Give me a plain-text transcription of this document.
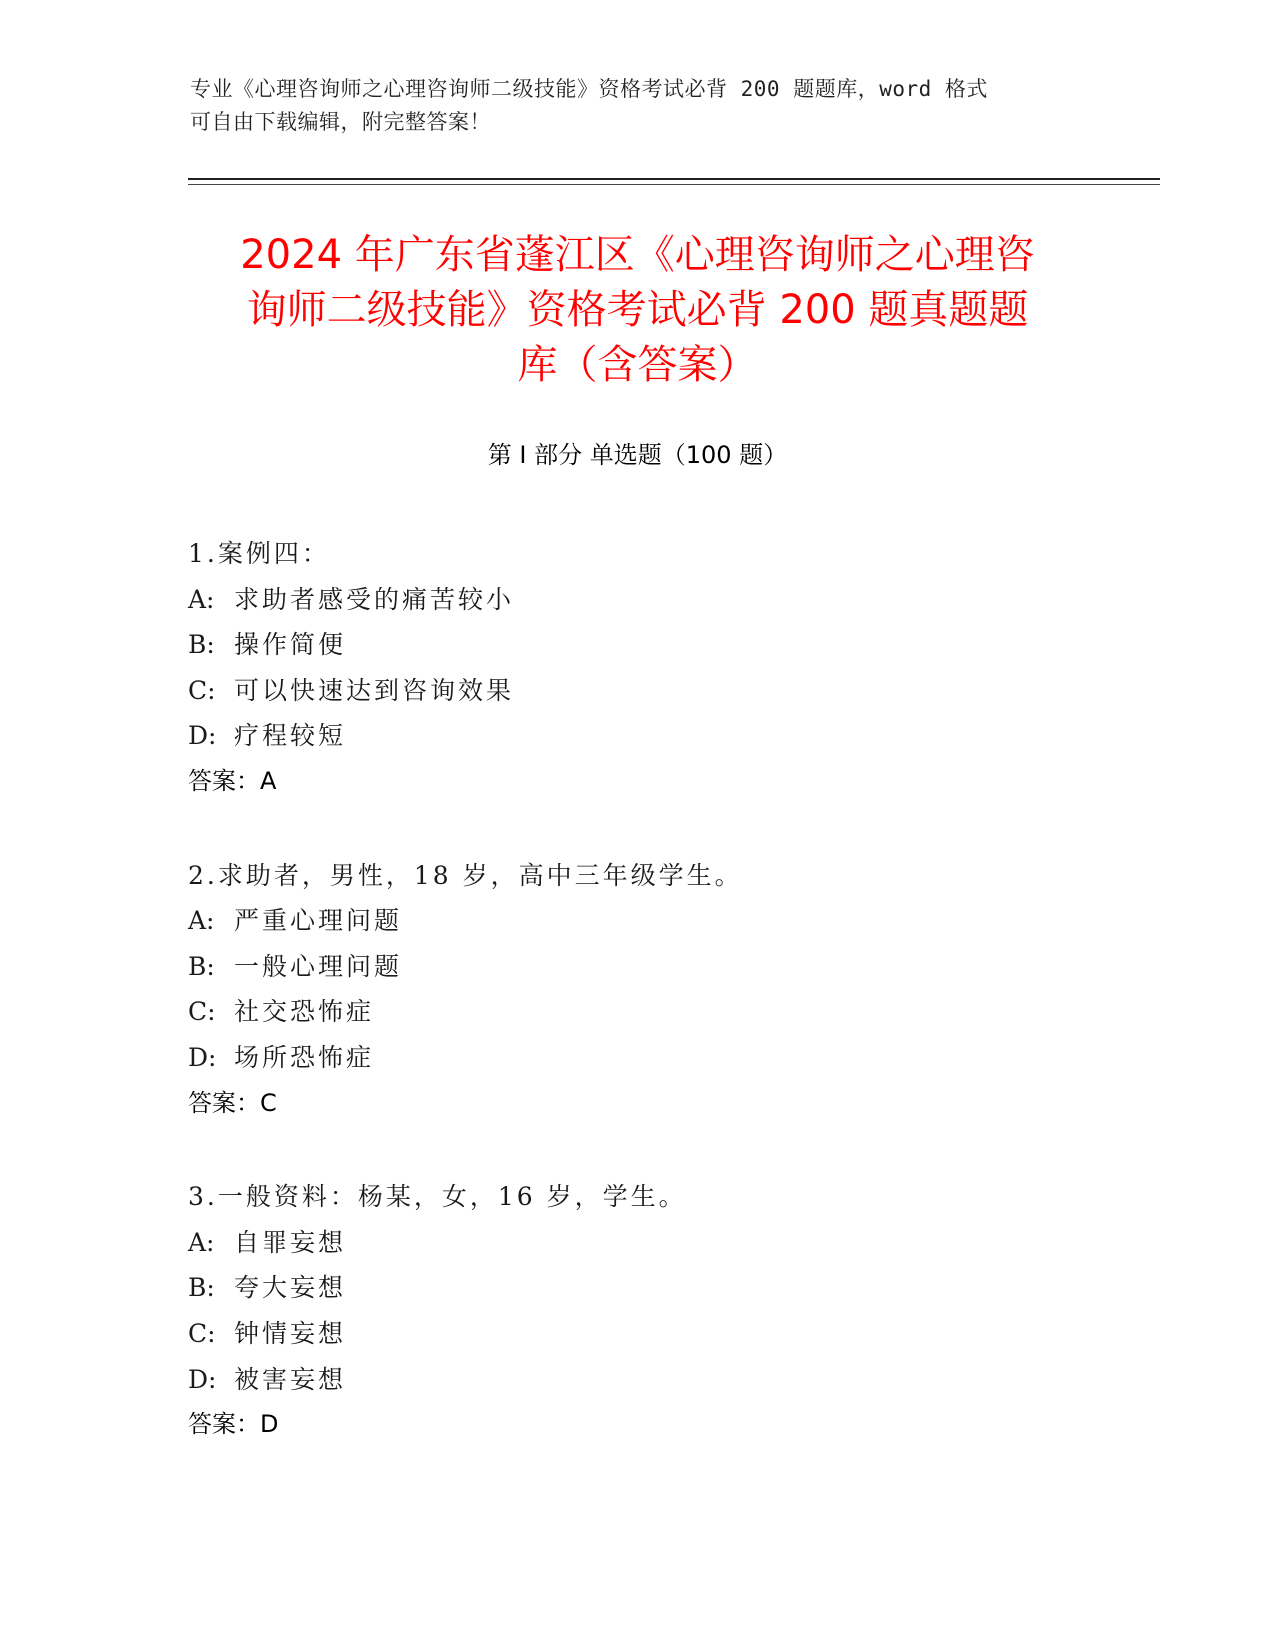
专业《心理咨询师之心理咨询师二级技能》资格考试必背 200 题题库，word 格式
可自由下载编辑，附完整答案！
2024 年广东省蓬江区《心理咨询师之心理咨
询师二级技能》资格考试必背 200 题真题题
库（含答案）
第 I 部分 单选题（100 题）
1.案例四：
A: 求助者感受的痛苦较小
B: 操作简便
C: 可以快速达到咨询效果
D: 疗程较短
答案：A
2.求助者，男性，18 岁，高中三年级学生。
A: 严重心理问题
B: 一般心理问题
C: 社交恐怖症
D: 场所恐怖症
答案：C
3.一般资料：杨某，女，16 岁，学生。
A: 自罪妄想
B: 夸大妄想
C: 钟情妄想
D: 被害妄想
答案：D
